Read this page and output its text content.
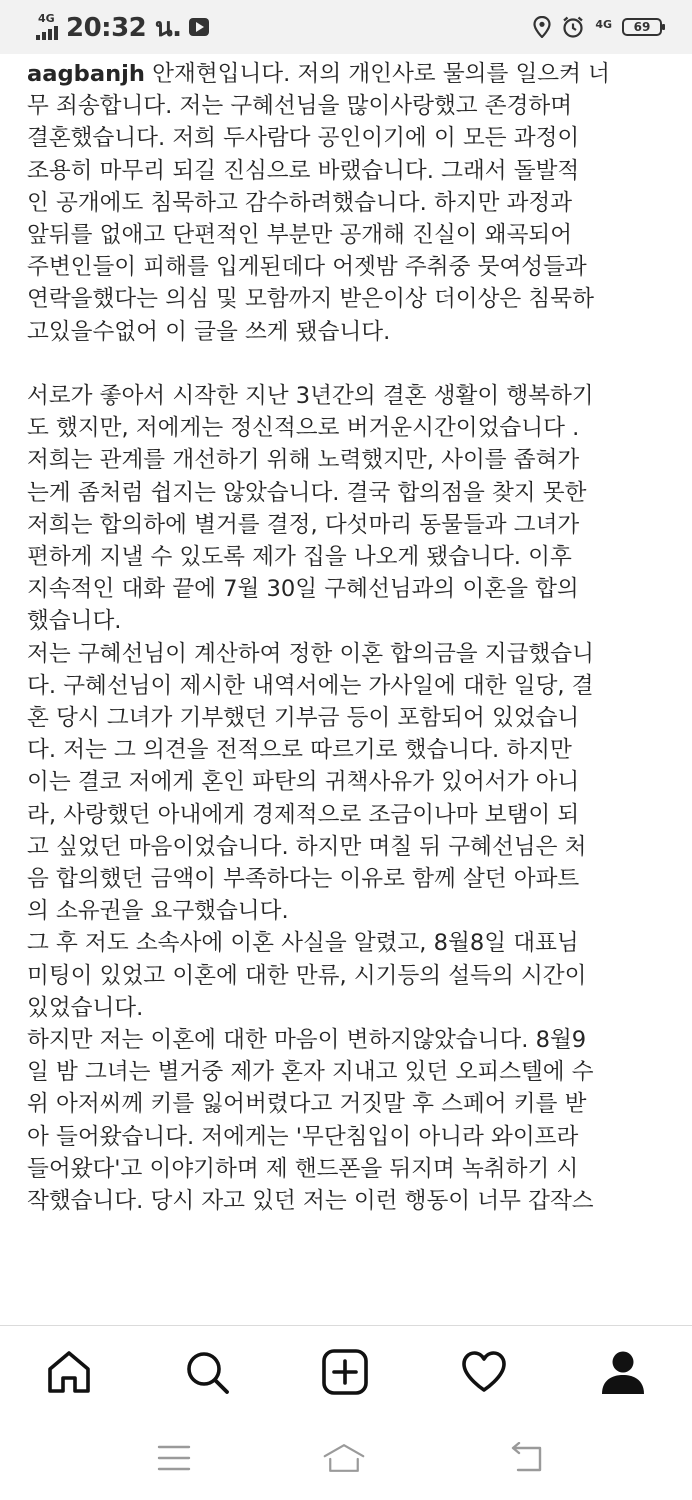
4G 20:32 น.	4G 69
aagbanjh 안재현입니다. 저의 개인사로 물의를 일으켜 너
무 죄송합니다. 저는 구혜선님을 많이사랑했고 존경하며
결혼했습니다. 저희 두사람다 공인이기에 이 모든 과정이
조용히 마무리 되길 진심으로 바랬습니다. 그래서 돌발적
인 공개에도 침묵하고 감수하려했습니다. 하지만 과정과
앞뒤를 없애고 단편적인 부분만 공개해 진실이 왜곡되어
주변인들이 피해를 입게된데다 어젯밤 주취중 뭇여성들과
연락을했다는 의심 및 모함까지 받은이상 더이상은 침묵하
고있을수없어 이 글을 쓰게 됐습니다.
서로가 좋아서 시작한 지난 3년간의 결혼 생활이 행복하기
도 했지만, 저에게는 정신적으로 버거운시간이었습니다 .
저희는 관계를 개선하기 위해 노력했지만, 사이를 좁혀가
는게 좀처럼 쉽지는 않았습니다. 결국 합의점을 찾지 못한
저희는 합의하에 별거를 결정, 다섯마리 동물들과 그녀가
편하게 지낼 수 있도록 제가 집을 나오게 됐습니다. 이후
지속적인 대화 끝에 7월 30일 구혜선님과의 이혼을 합의
했습니다.
저는 구혜선님이 계산하여 정한 이혼 합의금을 지급했습니
다. 구혜선님이 제시한 내역서에는 가사일에 대한 일당, 결
혼 당시 그녀가 기부했던 기부금 등이 포함되어 있었습니
다. 저는 그 의견을 전적으로 따르기로 했습니다. 하지만
이는 결코 저에게 혼인 파탄의 귀책사유가 있어서가 아니
라, 사랑했던 아내에게 경제적으로 조금이나마 보탬이 되
고 싶었던 마음이었습니다. 하지만 며칠 뒤 구혜선님은 처
음 합의했던 금액이 부족하다는 이유로 함께 살던 아파트
의 소유권을 요구했습니다.
그 후 저도 소속사에 이혼 사실을 알렸고, 8월8일 대표님
미팅이 있었고 이혼에 대한 만류, 시기등의 설득의 시간이
있었습니다.
하지만 저는 이혼에 대한 마음이 변하지않았습니다. 8월9
일 밤 그녀는 별거중 제가 혼자 지내고 있던 오피스텔에 수
위 아저씨께 키를 잃어버렸다고 거짓말 후 스페어 키를 받
아 들어왔습니다. 저에게는 '무단침입이 아니라 와이프라
들어왔다'고 이야기하며 제 핸드폰을 뒤지며 녹취하기 시
작했습니다. 당시 자고 있던 저는 이런 행동이 너무 갑작스
